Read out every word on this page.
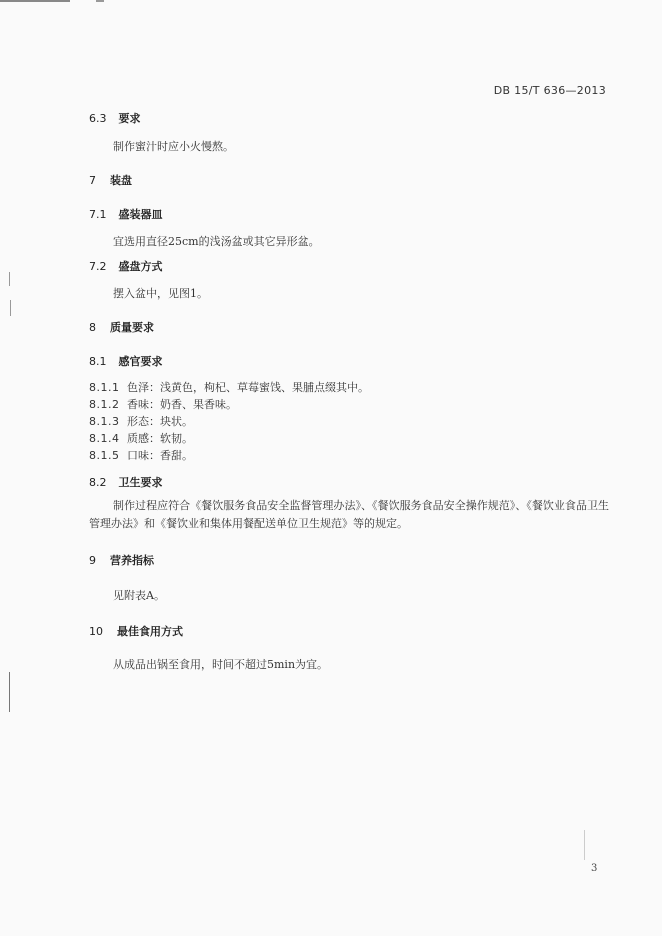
DB 15/T 636—2013
6.3 要求
制作蜜汁时应小火慢熬。
7 装盘
7.1 盛装器皿
宜选用直径25cm的浅汤盆或其它异形盆。
7.2 盛盘方式
摆入盆中，见图1。
8 质量要求
8.1 感官要求
8.1.1 色泽：浅黄色，枸杞、草莓蜜饯、果脯点缀其中。
8.1.2 香味：奶香、果香味。
8.1.3 形态：块状。
8.1.4 质感：软韧。
8.1.5 口味：香甜。
8.2 卫生要求
制作过程应符合《餐饮服务食品安全监督管理办法》、《餐饮服务食品安全操作规范》、《餐饮业食品卫生管理办法》和《餐饮业和集体用餐配送单位卫生规范》等的规定。
9 营养指标
见附表A。
10 最佳食用方式
从成品出锅至食用，时间不超过5min为宜。
3
